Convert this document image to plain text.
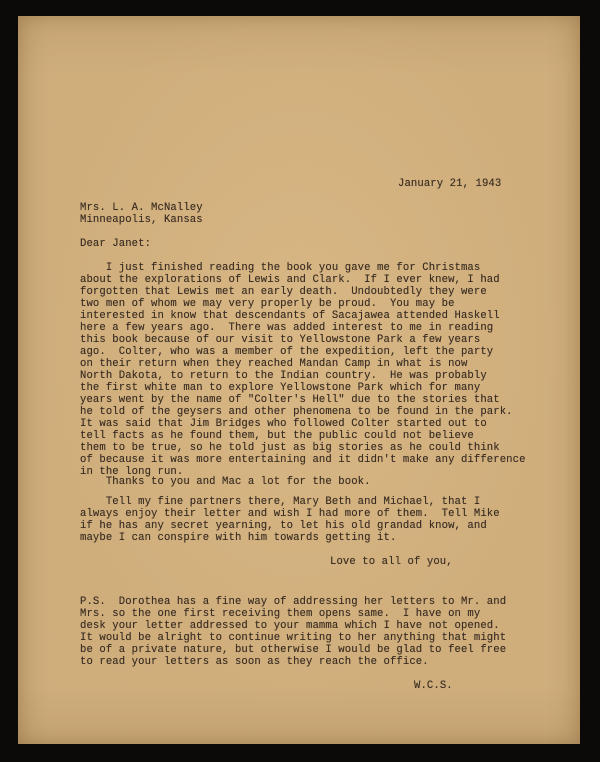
January 21, 1943

Mrs. L. A. McNalley
Minneapolis, Kansas

Dear Janet:

I just finished reading the book you gave me for Christmas
about the explorations of Lewis and Clark.  If I ever knew, I had
forgotten that Lewis met an early death.  Undoubtedly they were
two men of whom we may very properly be proud.  You may be
interested in know that descendants of Sacajawea attended Haskell
here a few years ago.  There was added interest to me in reading
this book because of our visit to Yellowstone Park a few years
ago.  Colter, who was a member of the expedition, left the party
on their return when they reached Mandan Camp in what is now
North Dakota, to return to the Indian country.  He was probably
the first white man to explore Yellowstone Park which for many
years went by the name of "Colter's Hell" due to the stories that
he told of the geysers and other phenomena to be found in the park.
It was said that Jim Bridges who followed Colter started out to
tell facts as he found them, but the public could not believe
them to be true, so he told just as big stories as he could think
of because it was more entertaining and it didn't make any difference
in the long run.

Thanks to you and Mac a lot for the book.

Tell my fine partners there, Mary Beth and Michael, that I
always enjoy their letter and wish I had more of them.  Tell Mike
if he has any secret yearning, to let his old grandad know, and
maybe I can conspire with him towards getting it.

Love to all of you,

P.S.  Dorothea has a fine way of addressing her letters to Mr. and
Mrs. so the one first receiving them opens same.  I have on my
desk your letter addressed to your mamma which I have not opened.
It would be alright to continue writing to her anything that might
be of a private nature, but otherwise I would be glad to feel free
to read your letters as soon as they reach the office.

W.C.S.
